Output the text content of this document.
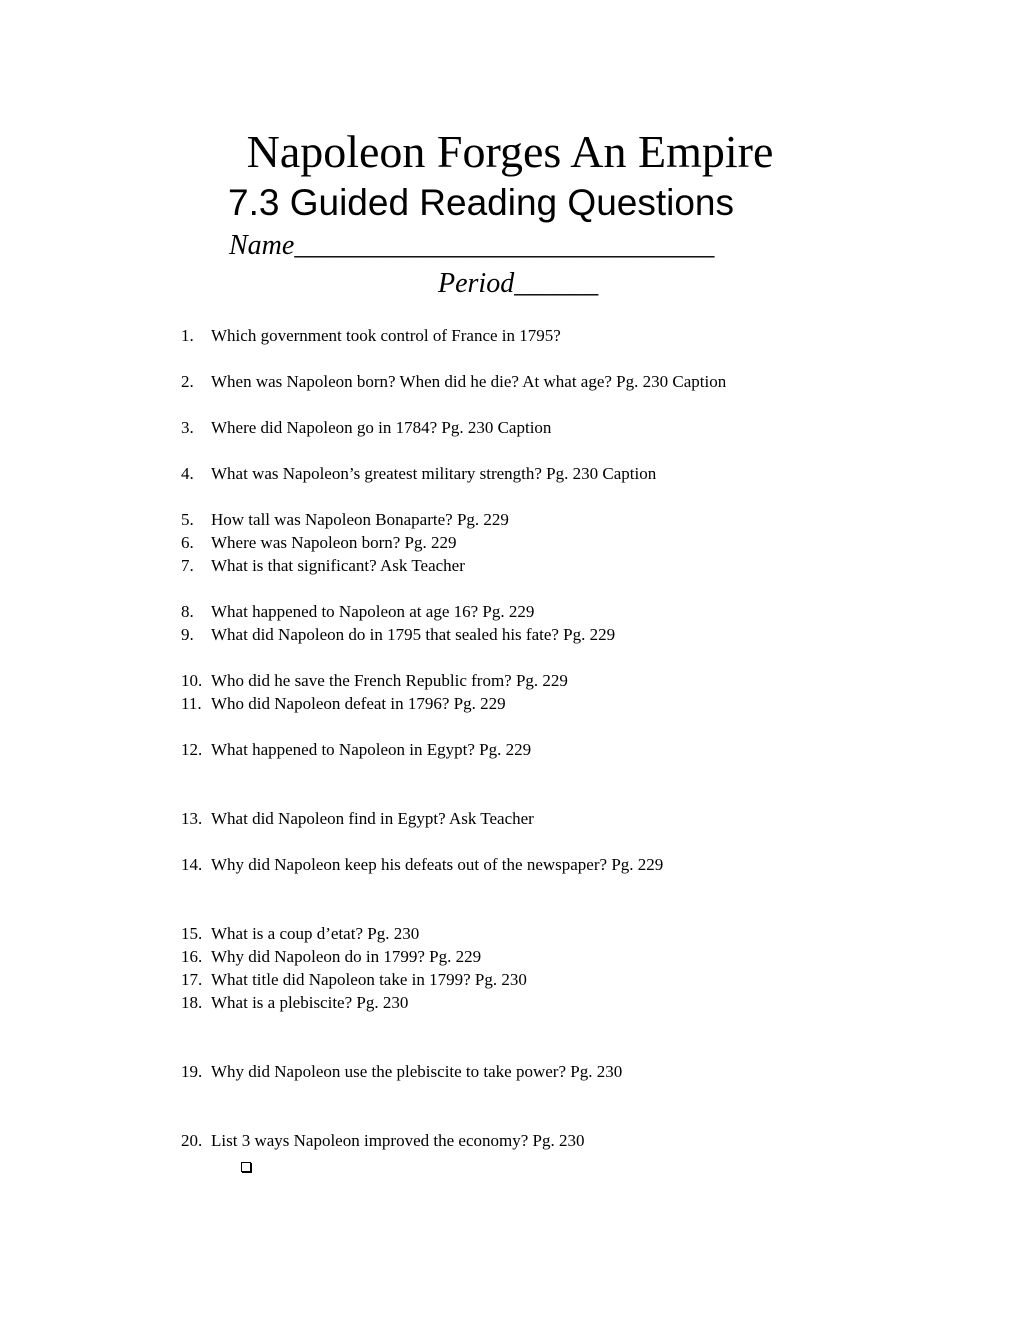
Napoleon Forges An Empire
7.3 Guided Reading Questions
Name______________________________
Period______
1. Which government took control of France in 1795?
2. When was Napoleon born? When did he die? At what age? Pg. 230 Caption
3. Where did Napoleon go in 1784? Pg. 230 Caption
4. What was Napoleon’s greatest military strength? Pg. 230 Caption
5. How tall was Napoleon Bonaparte? Pg. 229
6. Where was Napoleon born? Pg. 229
7. What is that significant? Ask Teacher
8. What happened to Napoleon at age 16? Pg. 229
9. What did Napoleon do in 1795 that sealed his fate? Pg. 229
10. Who did he save the French Republic from? Pg. 229
11. Who did Napoleon defeat in 1796? Pg. 229
12. What happened to Napoleon in Egypt? Pg. 229
13. What did Napoleon find in Egypt? Ask Teacher
14. Why did Napoleon keep his defeats out of the newspaper? Pg. 229
15. What is a coup d’etat? Pg. 230
16. Why did Napoleon do in 1799? Pg. 229
17. What title did Napoleon take in 1799? Pg. 230
18. What is a plebiscite? Pg. 230
19. Why did Napoleon use the plebiscite to take power? Pg. 230
20. List 3 ways Napoleon improved the economy? Pg. 230
